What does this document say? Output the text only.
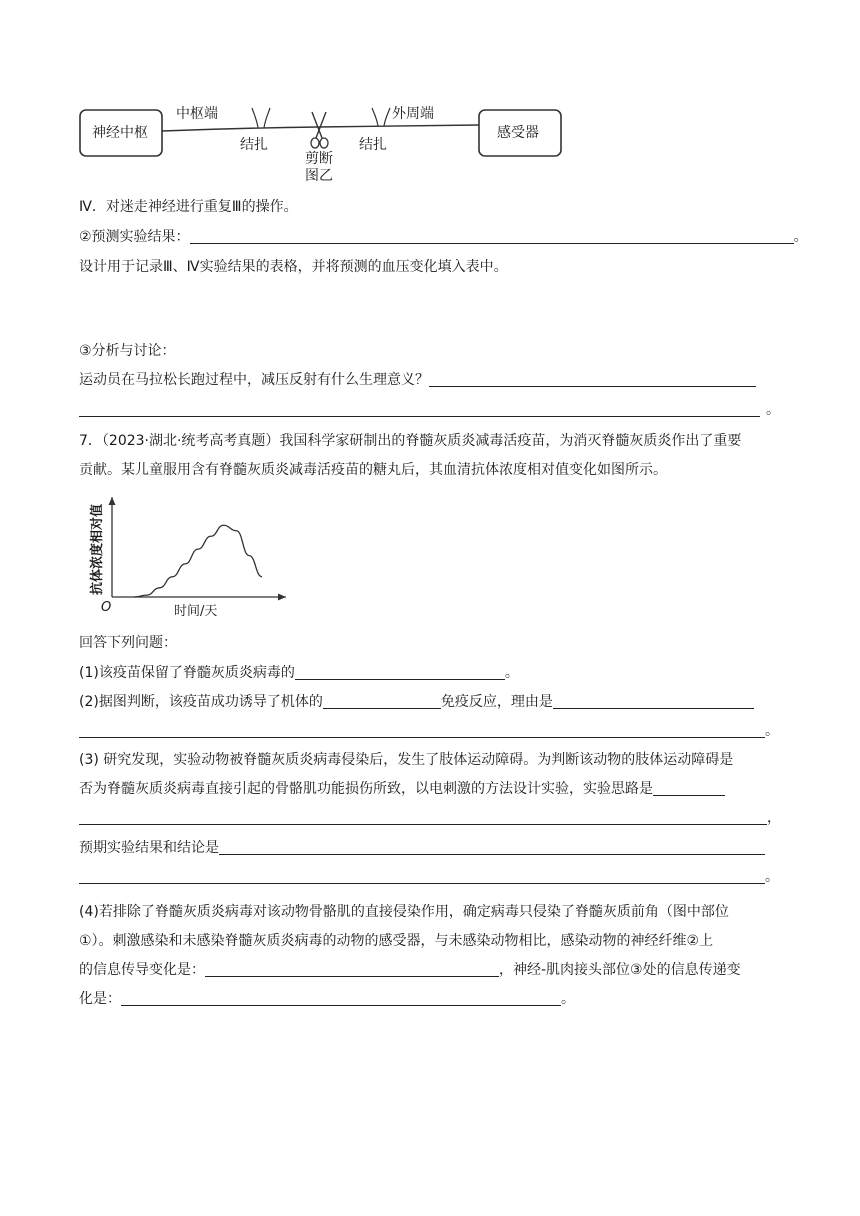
神经中枢	感受器
中枢端	外周端
结扎	结扎
剪断
图乙
Ⅳ．对迷走神经进行重复Ⅲ的操作。
②预测实验结果：	。
设计用于记录Ⅲ、Ⅳ实验结果的表格，并将预测的血压变化填入表中。
③分析与讨论：
运动员在马拉松长跑过程中，减压反射有什么生理意义？
。
7．（2023·湖北·统考高考真题）我国科学家研制出的脊髓灰质炎减毒活疫苗，为消灭脊髓灰质炎作出了重要
贡献。某儿童服用含有脊髓灰质炎减毒活疫苗的糖丸后，其血清抗体浓度相对值变化如图所示。
O	时间/天
抗体浓度相对值
回答下列问题：
(1)该疫苗保留了脊髓灰质炎病毒的	。
(2)据图判断，该疫苗成功诱导了机体的	免疫反应，理由是
。
(3) 研究发现，实验动物被脊髓灰质炎病毒侵染后，发生了肢体运动障碍。为判断该动物的肢体运动障碍是
否为脊髓灰质炎病毒直接引起的骨骼肌功能损伤所致，以电刺激的方法设计实验，实验思路是
，
预期实验结果和结论是
。
(4)若排除了脊髓灰质炎病毒对该动物骨骼肌的直接侵染作用，确定病毒只侵染了脊髓灰质前角（图中部位
①）。刺激感染和未感染脊髓灰质炎病毒的动物的感受器，与未感染动物相比，感染动物的神经纤维②上
的信息传导变化是：	，神经-肌肉接头部位③处的信息传递变
化是：	。
